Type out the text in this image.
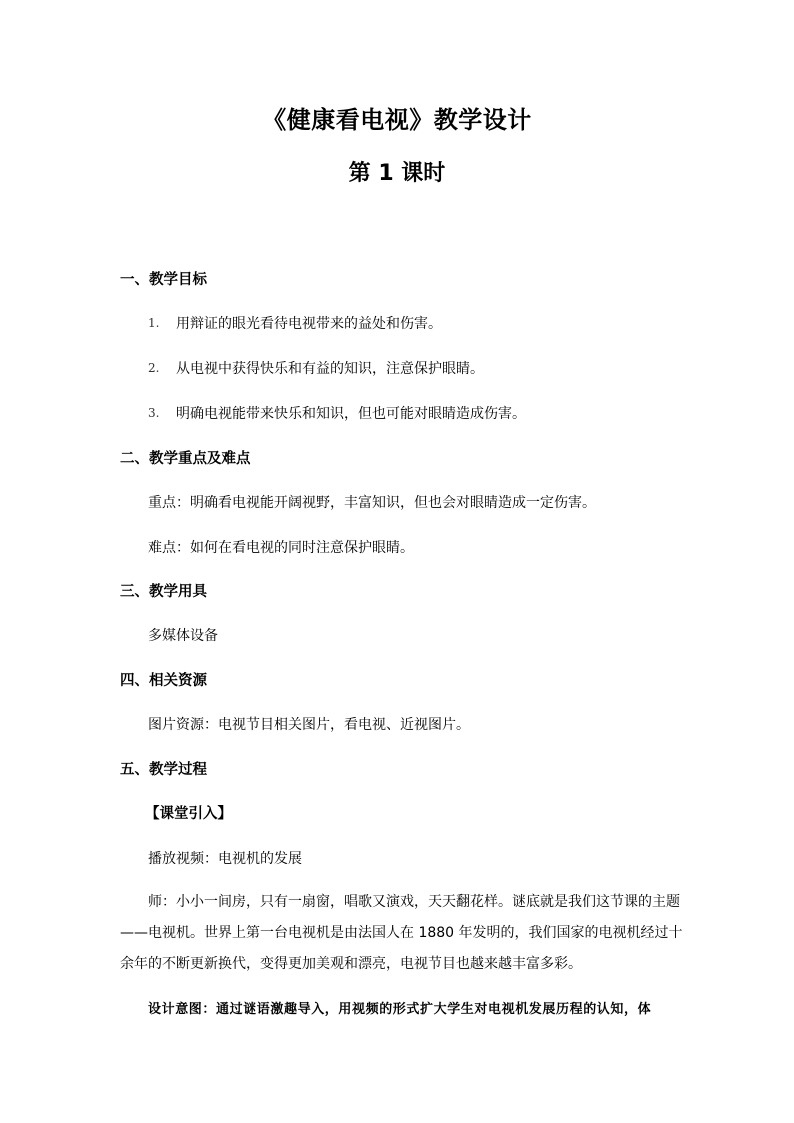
《健康看电视》教学设计
第 1 课时
一、教学目标
1. 用辩证的眼光看待电视带来的益处和伤害。
2. 从电视中获得快乐和有益的知识，注意保护眼睛。
3. 明确电视能带来快乐和知识，但也可能对眼睛造成伤害。
二、教学重点及难点
重点：明确看电视能开阔视野，丰富知识，但也会对眼睛造成一定伤害。
难点：如何在看电视的同时注意保护眼睛。
三、教学用具
多媒体设备
四、相关资源
图片资源：电视节目相关图片，看电视、近视图片。
五、教学过程
【课堂引入】
播放视频：电视机的发展
师：小小一间房，只有一扇窗，唱歌又演戏，天天翻花样。谜底就是我们这节课的主题
——电视机。世界上第一台电视机是由法国人在 1880 年发明的，我们国家的电视机经过十
余年的不断更新换代，变得更加美观和漂亮，电视节目也越来越丰富多彩。
设计意图：通过谜语激趣导入，用视频的形式扩大学生对电视机发展历程的认知，体
